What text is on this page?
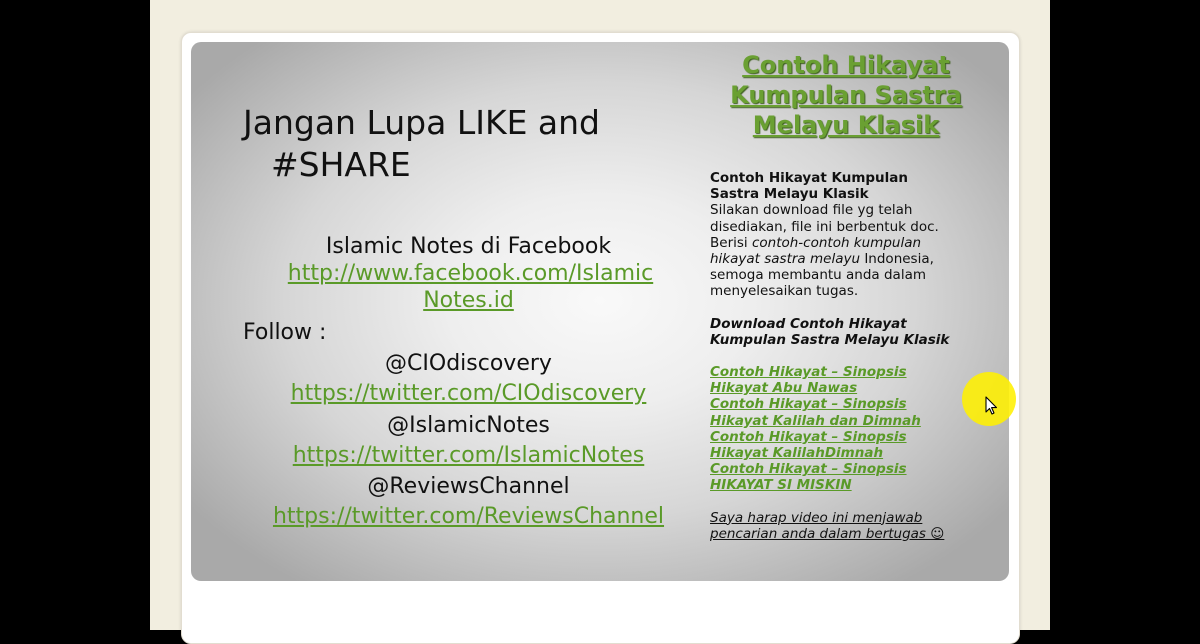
Jangan Lupa LIKE and
#SHARE
Islamic Notes di Facebook
http://www.facebook.com/Islamic
Notes.id
Follow :
@CIOdiscovery
https://twitter.com/CIOdiscovery
@IslamicNotes
https://twitter.com/IslamicNotes
@ReviewsChannel
https://twitter.com/ReviewsChannel
Contoh Hikayat
Kumpulan Sastra
Melayu Klasik
Contoh Hikayat Kumpulan
Sastra Melayu Klasik
Silakan download file yg telah
disediakan, file ini berbentuk doc.
Berisi contoh-contoh kumpulan
hikayat sastra melayu Indonesia,
semoga membantu anda dalam
menyelesaikan tugas.
Download Contoh Hikayat
Kumpulan Sastra Melayu Klasik
Contoh Hikayat – Sinopsis
Hikayat Abu Nawas
Contoh Hikayat – Sinopsis
Hikayat Kalilah dan Dimnah
Contoh Hikayat – Sinopsis
Hikayat KalilahDimnah
Contoh Hikayat – Sinopsis
HIKAYAT SI MISKIN
Saya harap video ini menjawab
pencarian anda dalam bertugas ☺
